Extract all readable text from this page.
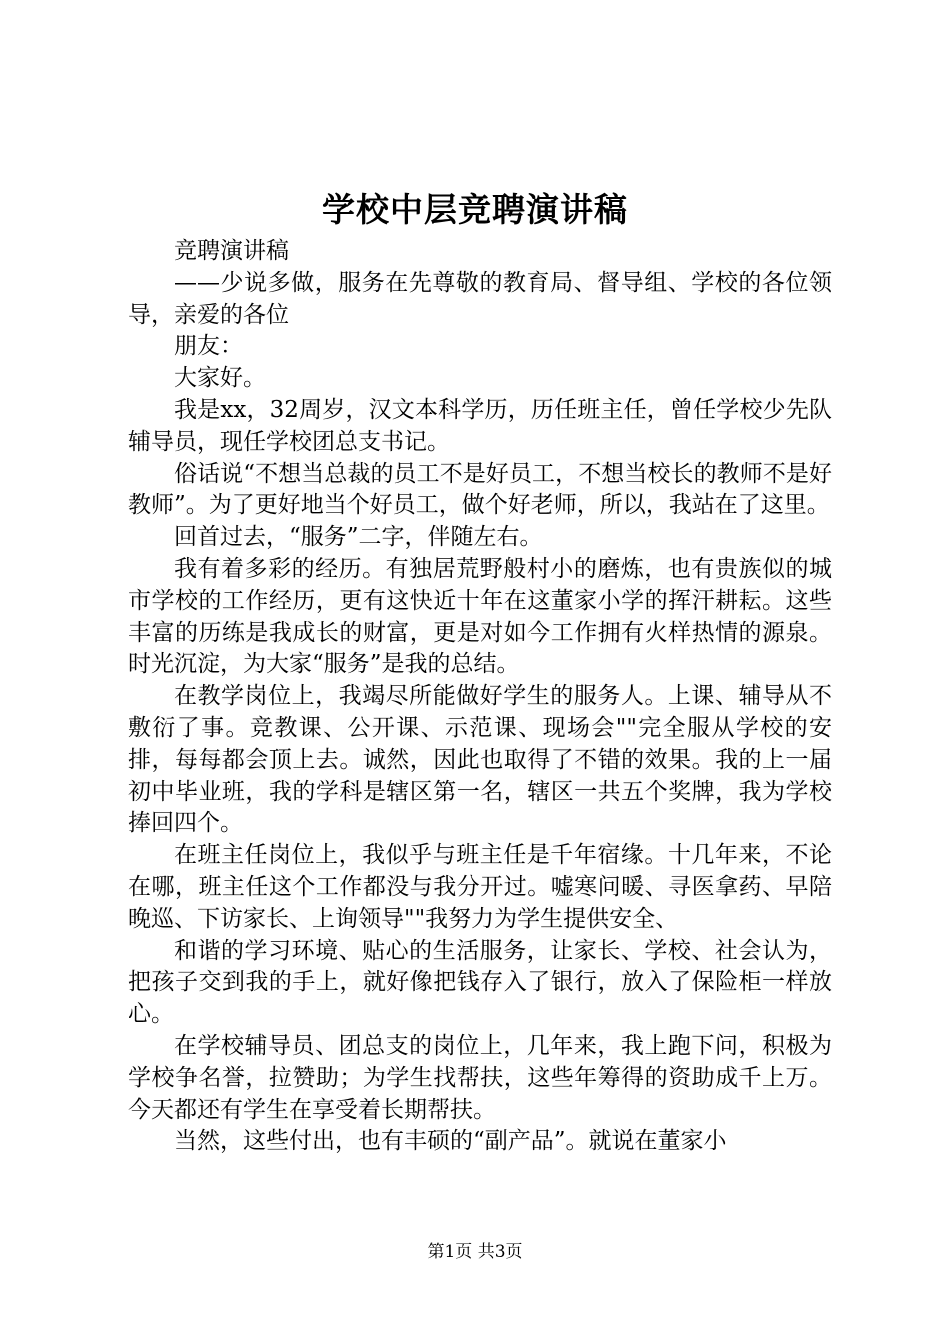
学校中层竞聘演讲稿

竞聘演讲稿

——少说多做，服务在先尊敬的教育局、督导组、学校的各位领导，亲爱的各位

朋友：

大家好。

我是xx，32周岁，汉文本科学历，历任班主任，曾任学校少先队辅导员，现任学校团总支书记。

俗话说“不想当总裁的员工不是好员工，不想当校长的教师不是好教师”。为了更好地当个好员工，做个好老师，所以，我站在了这里。

回首过去，“服务”二字，伴随左右。

我有着多彩的经历。有独居荒野般村小的磨炼，也有贵族似的城市学校的工作经历，更有这快近十年在这董家小学的挥汗耕耘。这些丰富的历练是我成长的财富，更是对如今工作拥有火样热情的源泉。时光沉淀，为大家“服务”是我的总结。

在教学岗位上，我竭尽所能做好学生的服务人。上课、辅导从不敷衍了事。竞教课、公开课、示范课、现场会""完全服从学校的安排，每每都会顶上去。诚然，因此也取得了不错的效果。我的上一届初中毕业班，我的学科是辖区第一名，辖区一共五个奖牌，我为学校捧回四个。

在班主任岗位上，我似乎与班主任是千年宿缘。十几年来，不论在哪，班主任这个工作都没与我分开过。嘘寒问暖、寻医拿药、早陪晚巡、下访家长、上询领导""我努力为学生提供安全、

和谐的学习环境、贴心的生活服务，让家长、学校、社会认为，把孩子交到我的手上，就好像把钱存入了银行，放入了保险柜一样放心。

在学校辅导员、团总支的岗位上，几年来，我上跑下问，积极为学校争名誉，拉赞助；为学生找帮扶，这些年筹得的资助成千上万。今天都还有学生在享受着长期帮扶。

当然，这些付出，也有丰硕的“副产品”。就说在董家小

第1页 共3页
